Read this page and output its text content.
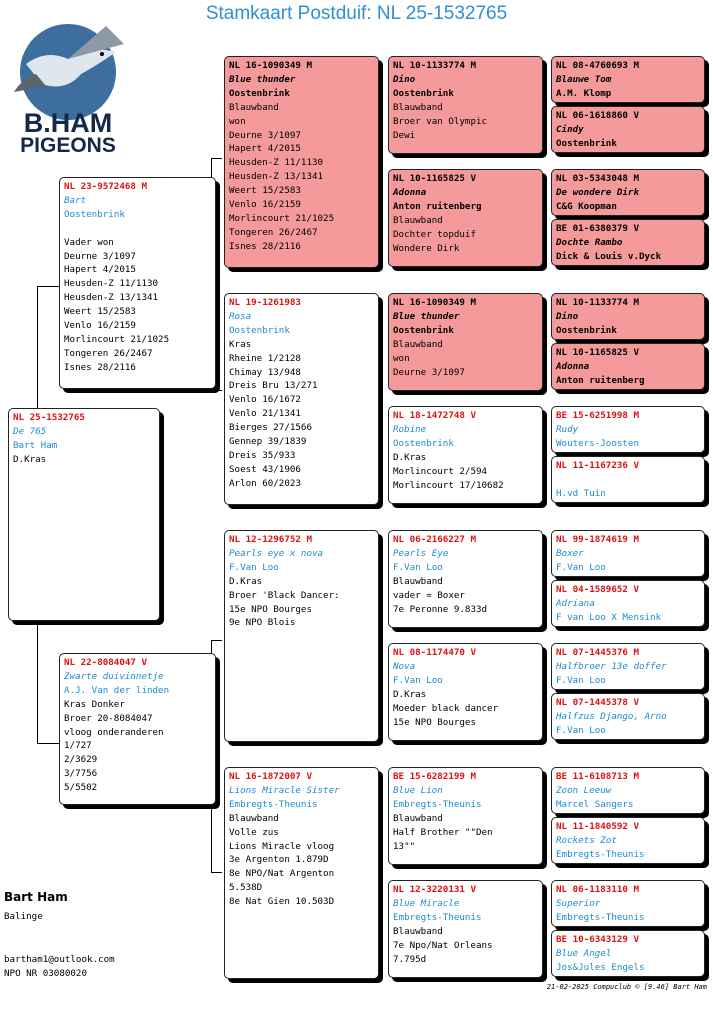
Stamkaart Postduif: NL 25-1532765
B.HAM
PIGEONS
NL 25-1532765
De 765
Bart Ham
D.Kras
NL 23-9572468 M
Bart
Oostenbrink
Vader won
Deurne 3/1097
Hapert 4/2015
Heusden-Z 11/1130
Heusden-Z 13/1341
Weert 15/2583
Venlo 16/2159
Morlincourt 21/1025
Tongeren 26/2467
Isnes 28/2116
NL 22-8084047 V
Zwarte duivinnetje
A.J. Van der linden
Kras Donker
Broer 20-8084047
vloog onderanderen
1/727
2/3629
3/7756
5/5502
NL 16-1090349 M
Blue thunder
Oostenbrink
Blauwband
won
Deurne 3/1097
Hapert 4/2015
Heusden-Z 11/1130
Heusden-Z 13/1341
Weert 15/2583
Venlo 16/2159
Morlincourt 21/1025
Tongeren 26/2467
Isnes 28/2116
NL 19-1261983
Rosa
Oostenbrink
Kras
Rheine 1/2128
Chimay 13/948
Dreis Bru 13/271
Venlo 16/1672
Venlo 21/1341
Bierges 27/1566
Gennep 39/1839
Dreis 35/933
Soest 43/1906
Arlon 60/2023
NL 12-1296752 M
Pearls eye x nova
F.Van Loo
D.Kras
Broer 'Black Dancer:
15e NPO Bourges
9e NPO Blois
NL 16-1872007 V
Lions Miracle Sister
Embregts-Theunis
Blauwband
Volle zus
Lions Miracle vloog
3e Argenton 1.879D
8e NPO/Nat Argenton
5.538D
8e Nat Gien 10.503D
NL 10-1133774 M
Dino
Oostenbrink
Blauwband
Broer van Olympic
Dewi
NL 10-1165825 V
Adonna
Anton ruitenberg
Blauwband
Dochter topduif
Wondere Dirk
NL 16-1090349 M
Blue thunder
Oostenbrink
Blauwband
won
Deurne 3/1097
NL 18-1472748 V
Robine
Oostenbrink
D.Kras
Morlincourt 2/594
Morlincourt 17/10682
NL 06-2166227 M
Pearls Eye
F.Van Loo
Blauwband
vader = Boxer
7e Peronne 9.833d
NL 08-1174470 V
Nova
F.Van Loo
D.Kras
Moeder black dancer
15e NPO Bourges
BE 15-6282199 M
Blue Lion
Embregts-Theunis
Blauwband
Half Brother ""Den
13""
NL 12-3220131 V
Blue Miracle
Embregts-Theunis
Blauwband
7e Npo/Nat Orleans
7.795d
NL 08-4760693 M
Blauwe Tom
A.M. Klomp
NL 06-1618860 V
Cindy
Oostenbrink
NL 03-5343048 M
De wondere Dirk
C&G Koopman
BE 01-6380379 V
Dochte Rambo
Dick & Louis v.Dyck
NL 10-1133774 M
Dino
Oostenbrink
NL 10-1165825 V
Adonna
Anton ruitenberg
BE 15-6251998 M
Rudy
Wouters-Joosten
NL 11-1167236 V
H.vd Tuin
NL 99-1874619 M
Boxer
F.Van Loo
NL 04-1589652 V
Adriana
F van Loo X Mensink
NL 07-1445376 M
Halfbroer 13e doffer
F.Van Loo
NL 07-1445378 V
Halfzus Django, Arno
F.Van Loo
BE 11-6108713 M
Zoon Leeuw
Marcel Sangers
NL 11-1840592 V
Rockets Zot
Embregts-Theunis
NL 06-1183110 M
Superior
Embregts-Theunis
BE 10-6343129 V
Blue Angel
Jos&Jules Engels
Bart Ham
Balinge
bartham1@outlook.com
NPO NR 03080020
21-02-2025 Compuclub © [9.46] Bart Ham
